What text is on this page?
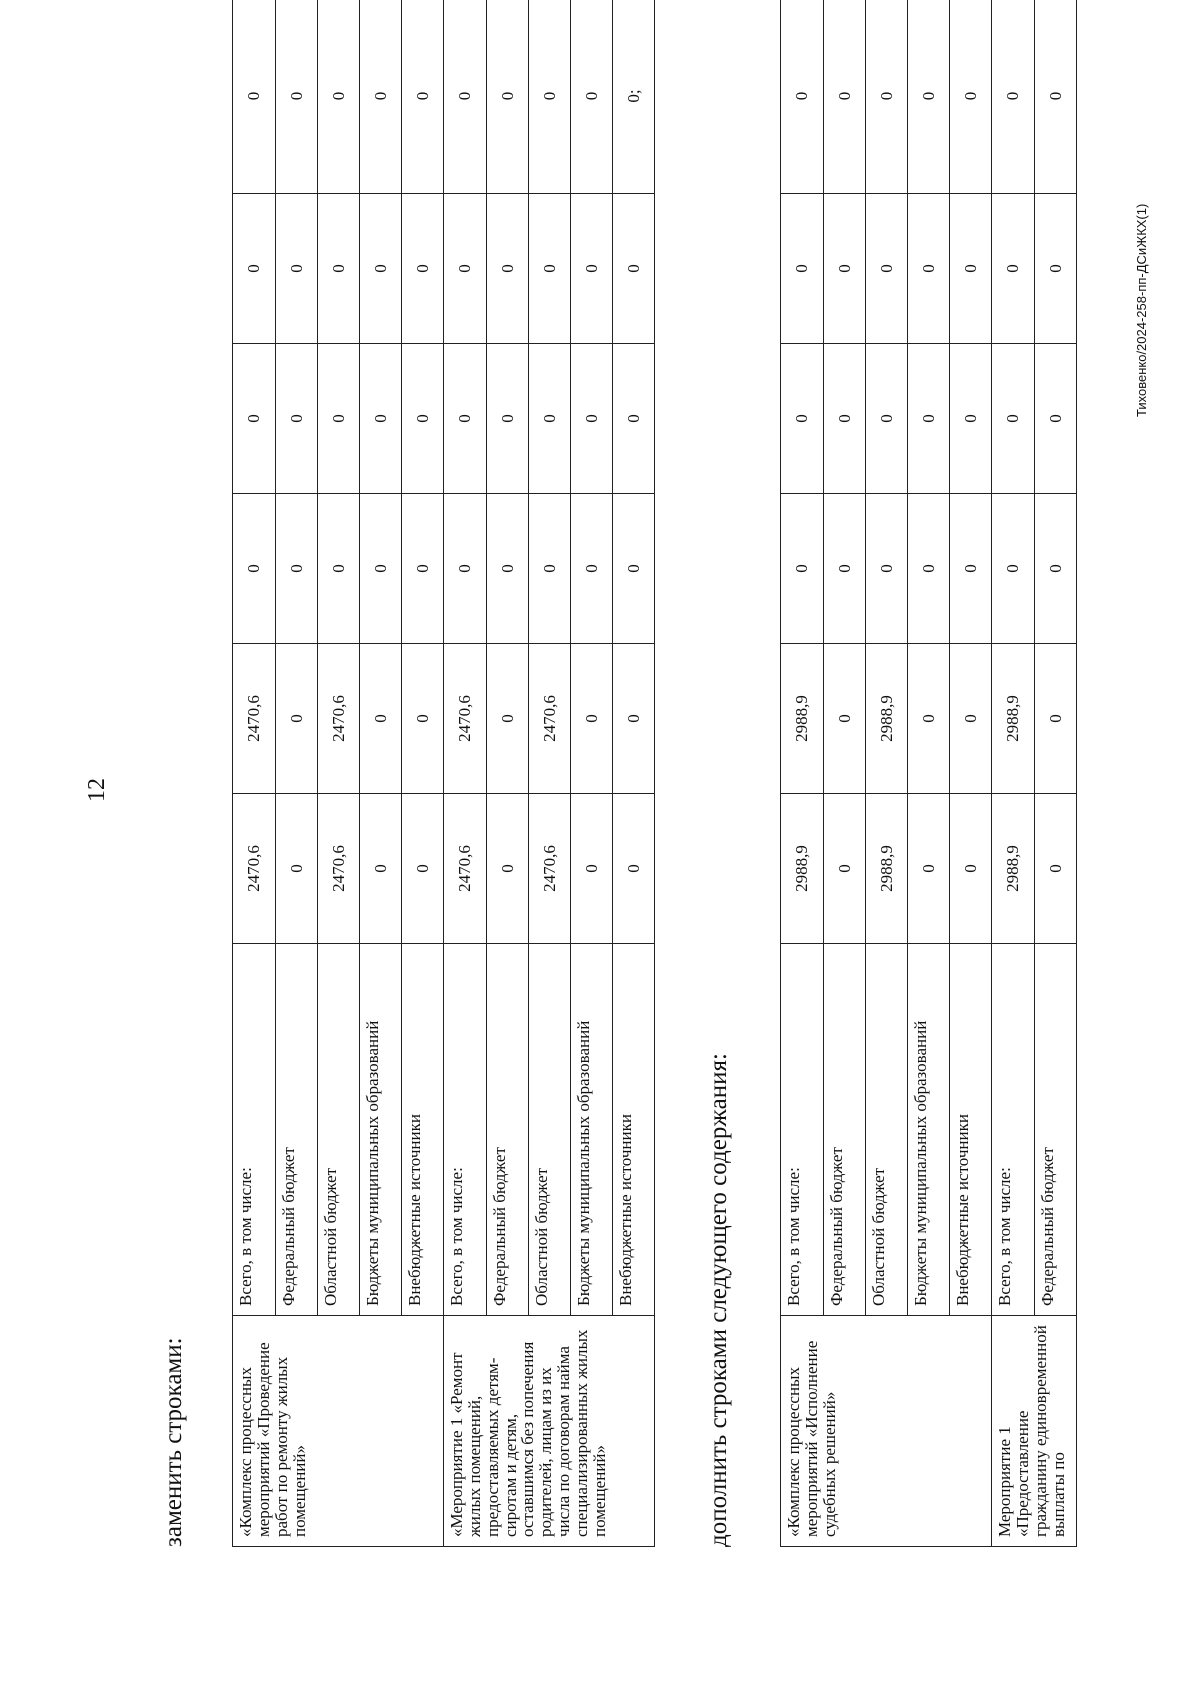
12
заменить строками:	«Комплекс процессных мероприятий «Проведение работ по ремонту жилых помещений»	Всего, в том числе:	2470,6	2470,6	0	0	0	0
	Федеральный бюджет	0	0	0	0	0	0
	Областной бюджет	2470,6	2470,6	0	0	0	0
	Бюджеты муниципальных образований	0	0	0	0	0	0
	Внебюджетные источники	0	0	0	0	0	0
«Мероприятие 1 «Ремонт жилых помещений, предоставляемых детям-сиротам и детям, оставшимся без попечения родителей, лицам из их числа по договорам найма специализированных жилых помещений»	Всего, в том числе:	2470,6	2470,6	0	0	0	0
	Федеральный бюджет	0	0	0	0	0	0
	Областной бюджет	2470,6	2470,6	0	0	0	0
	Бюджеты муниципальных образований	0	0	0	0	0	0
	Внебюджетные источники	0	0	0	0	0	0;
дополнить строками следующего содержания:	«Комплекс процессных мероприятий «Исполнение судебных решений»	Всего, в том числе:	2988,9	2988,9	0	0	0	0
	Федеральный бюджет	0	0	0	0	0	0
	Областной бюджет	2988,9	2988,9	0	0	0	0
	Бюджеты муниципальных образований	0	0	0	0	0	0
	Внебюджетные источники	0	0	0	0	0	0
Мероприятие 1 «Предоставление гражданину единовременной выплаты по	Всего, в том числе:	2988,9	2988,9	0	0	0	0
	Федеральный бюджет	0	0	0	0	0	0
Тиховенко/2024-258-пп-ДСиЖКХ(1)
